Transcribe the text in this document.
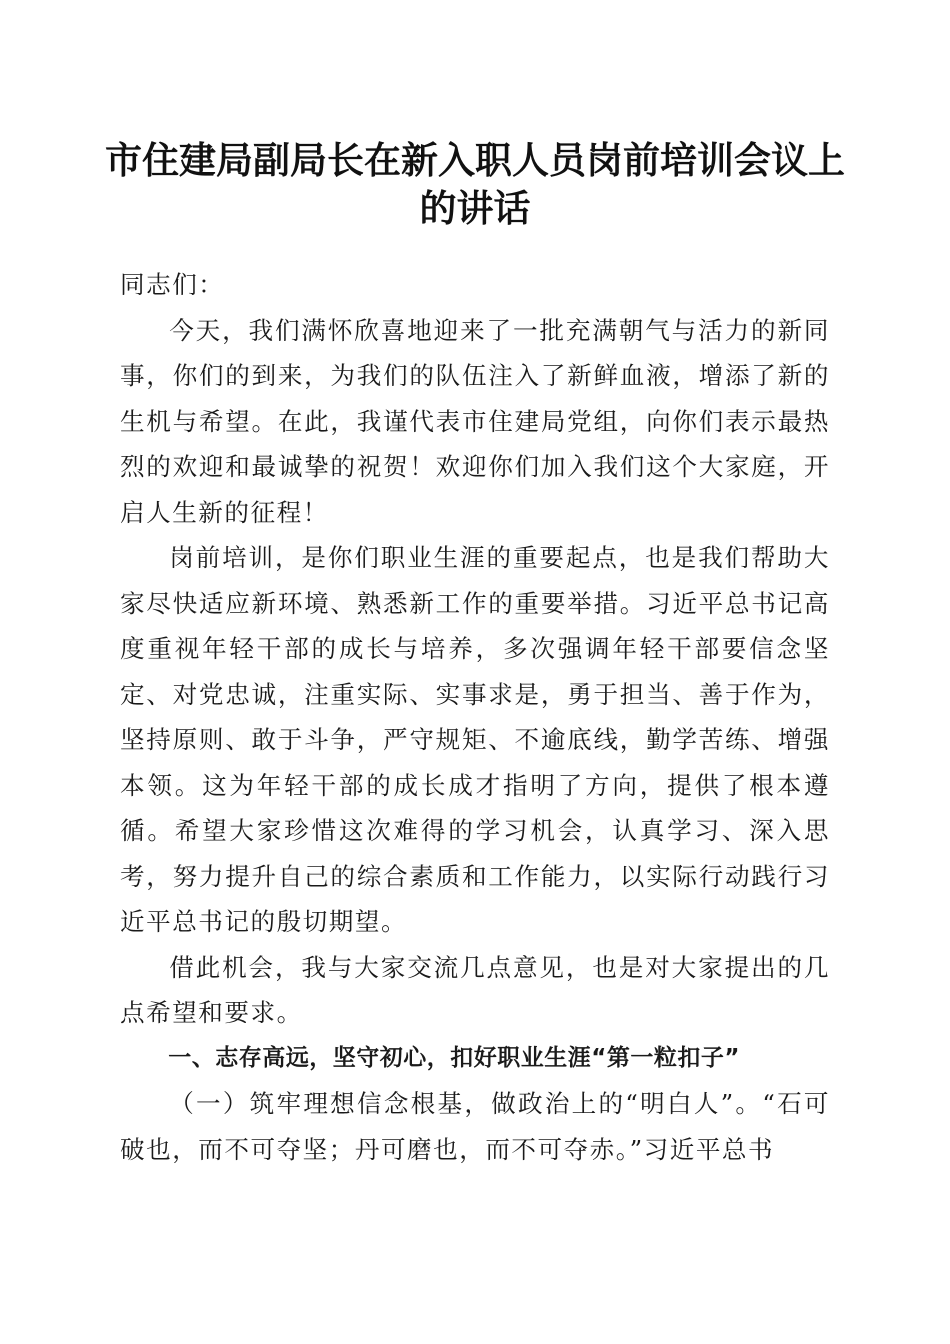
市住建局副局长在新入职人员岗前培训会议上的讲话

同志们：

今天，我们满怀欣喜地迎来了一批充满朝气与活力的新同事，你们的到来，为我们的队伍注入了新鲜血液，增添了新的生机与希望。在此，我谨代表市住建局党组，向你们表示最热烈的欢迎和最诚挚的祝贺！欢迎你们加入我们这个大家庭，开启人生新的征程！

岗前培训，是你们职业生涯的重要起点，也是我们帮助大家尽快适应新环境、熟悉新工作的重要举措。习近平总书记高度重视年轻干部的成长与培养，多次强调年轻干部要信念坚定、对党忠诚，注重实际、实事求是，勇于担当、善于作为，坚持原则、敢于斗争，严守规矩、不逾底线，勤学苦练、增强本领。这为年轻干部的成长成才指明了方向，提供了根本遵循。希望大家珍惜这次难得的学习机会，认真学习、深入思考，努力提升自己的综合素质和工作能力，以实际行动践行习近平总书记的殷切期望。

借此机会，我与大家交流几点意见，也是对大家提出的几点希望和要求。

一、志存高远，坚守初心，扣好职业生涯“第一粒扣子”

（一）筑牢理想信念根基，做政治上的“明白人”。“石可破也，而不可夺坚；丹可磨也，而不可夺赤。”习近平总书
